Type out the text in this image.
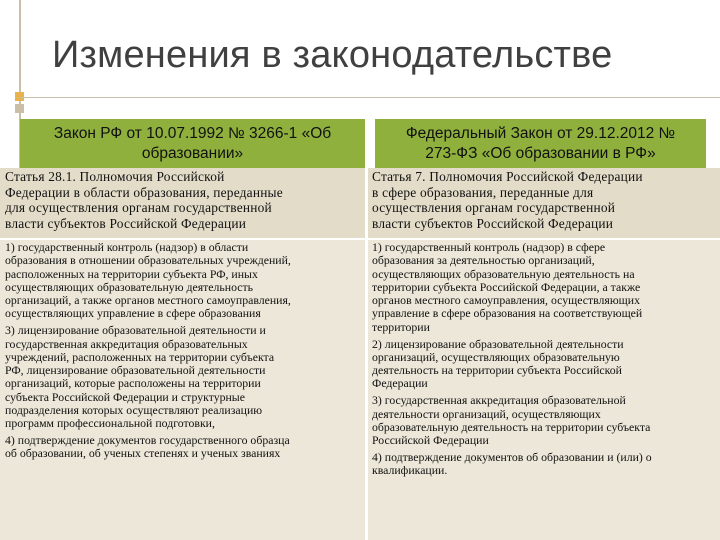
Изменения в законодательстве
Закон РФ от 10.07.1992 № 3266-1 «Об
образовании»
Федеральный Закон от 29.12.2012 №
273-ФЗ «Об образовании в РФ»
Статья 28.1. Полномочия Российской
Федерации в области образования, переданные
для осуществления органам государственной
власти субъектов Российской Федерации
Статья 7. Полномочия Российской Федерации
в сфере образования, переданные для
осуществления органам государственной
власти субъектов Российской Федерации

1) государственный контроль (надзор) в области
образования в отношении образовательных учреждений,
расположенных на территории субъекта РФ, иных
осуществляющих образовательную деятельность
организаций, а также органов местного самоуправления,
осуществляющих управление в сфере образования

3) лицензирование образовательной деятельности и
государственная аккредитация образовательных
учреждений, расположенных на территории субъекта
РФ, лицензирование образовательной деятельности
организаций, которые расположены на территории
субъекта Российской Федерации и структурные
подразделения которых осуществляют реализацию
программ профессиональной подготовки,

4) подтверждение документов государственного образца
об образовании, об ученых степенях и ученых званиях

1) государственный контроль (надзор) в сфере
образования за деятельностью организаций,
осуществляющих образовательную деятельность на
территории субъекта Российской Федерации, а также
органов местного самоуправления, осуществляющих
управление в сфере образования на соответствующей
территории

2) лицензирование образовательной деятельности
организаций, осуществляющих образовательную
деятельность на территории субъекта Российской
Федерации

3) государственная аккредитация образовательной
деятельности организаций, осуществляющих
образовательную деятельность на территории субъекта
Российской Федерации

4) подтверждение документов об образовании и (или) о
квалификации.
